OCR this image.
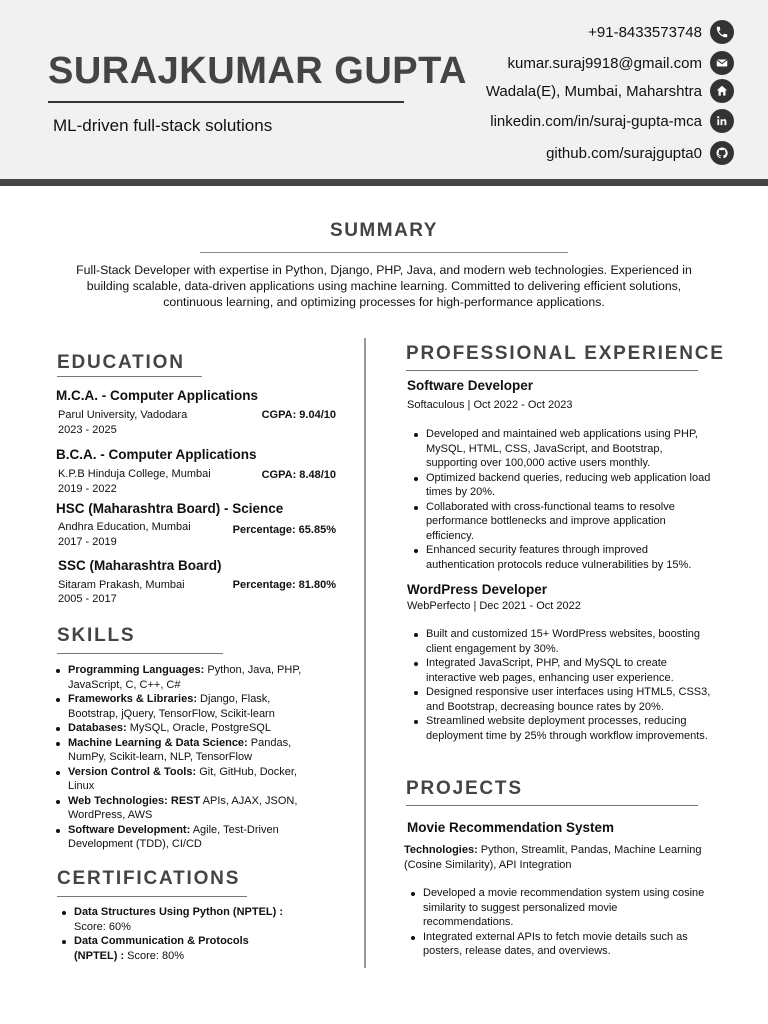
SURAJKUMAR GUPTA
ML-driven full-stack solutions
+91-8433573748
kumar.suraj9918@gmail.com
Wadala(E), Mumbai, Maharshtra
linkedin.com/in/suraj-gupta-mca
github.com/surajgupta0
SUMMARY
Full-Stack Developer with expertise in Python, Django, PHP, Java, and modern web technologies. Experienced in building scalable, data-driven applications using machine learning. Committed to delivering efficient solutions, continuous learning, and optimizing processes for high-performance applications.
EDUCATION
M.C.A. - Computer Applications
Parul University, Vadodara	CGPA: 9.04/10
2023 - 2025
B.C.A. - Computer Applications
K.P.B Hinduja College, Mumbai	CGPA: 8.48/10
2019 - 2022
HSC (Maharashtra Board) - Science
Andhra Education, Mumbai	Percentage: 65.85%
2017 - 2019
SSC (Maharashtra Board)
Sitaram Prakash, Mumbai	Percentage: 81.80%
2005 - 2017
SKILLS
Programming Languages: Python, Java, PHP, JavaScript, C, C++, C#
Frameworks & Libraries: Django, Flask, Bootstrap, jQuery, TensorFlow, Scikit-learn
Databases: MySQL, Oracle, PostgreSQL
Machine Learning & Data Science: Pandas, NumPy, Scikit-learn, NLP, TensorFlow
Version Control & Tools: Git, GitHub, Docker, Linux
Web Technologies: REST APIs, AJAX, JSON, WordPress, AWS
Software Development: Agile, Test-Driven Development (TDD), CI/CD
CERTIFICATIONS
Data Structures Using Python (NPTEL) : Score: 60%
Data Communication & Protocols (NPTEL) : Score: 80%
PROFESSIONAL EXPERIENCE
Software Developer
Softaculous | Oct 2022 - Oct 2023
Developed and maintained web applications using PHP, MySQL, HTML, CSS, JavaScript, and Bootstrap, supporting over 100,000 active users monthly.
Optimized backend queries, reducing web application load times by 20%.
Collaborated with cross-functional teams to resolve performance bottlenecks and improve application efficiency.
Enhanced security features through improved authentication protocols reduce vulnerabilities by 15%.
WordPress Developer
WebPerfecto | Dec 2021 - Oct 2022
Built and customized 15+ WordPress websites, boosting client engagement by 30%.
Integrated JavaScript, PHP, and MySQL to create interactive web pages, enhancing user experience.
Designed responsive user interfaces using HTML5, CSS3, and Bootstrap, decreasing bounce rates by 20%.
Streamlined website deployment processes, reducing deployment time by 25% through workflow improvements.
PROJECTS
Movie Recommendation System
Technologies: Python, Streamlit, Pandas, Machine Learning (Cosine Similarity), API Integration
Developed a movie recommendation system using cosine similarity to suggest personalized movie recommendations.
Integrated external APIs to fetch movie details such as posters, release dates, and overviews.
